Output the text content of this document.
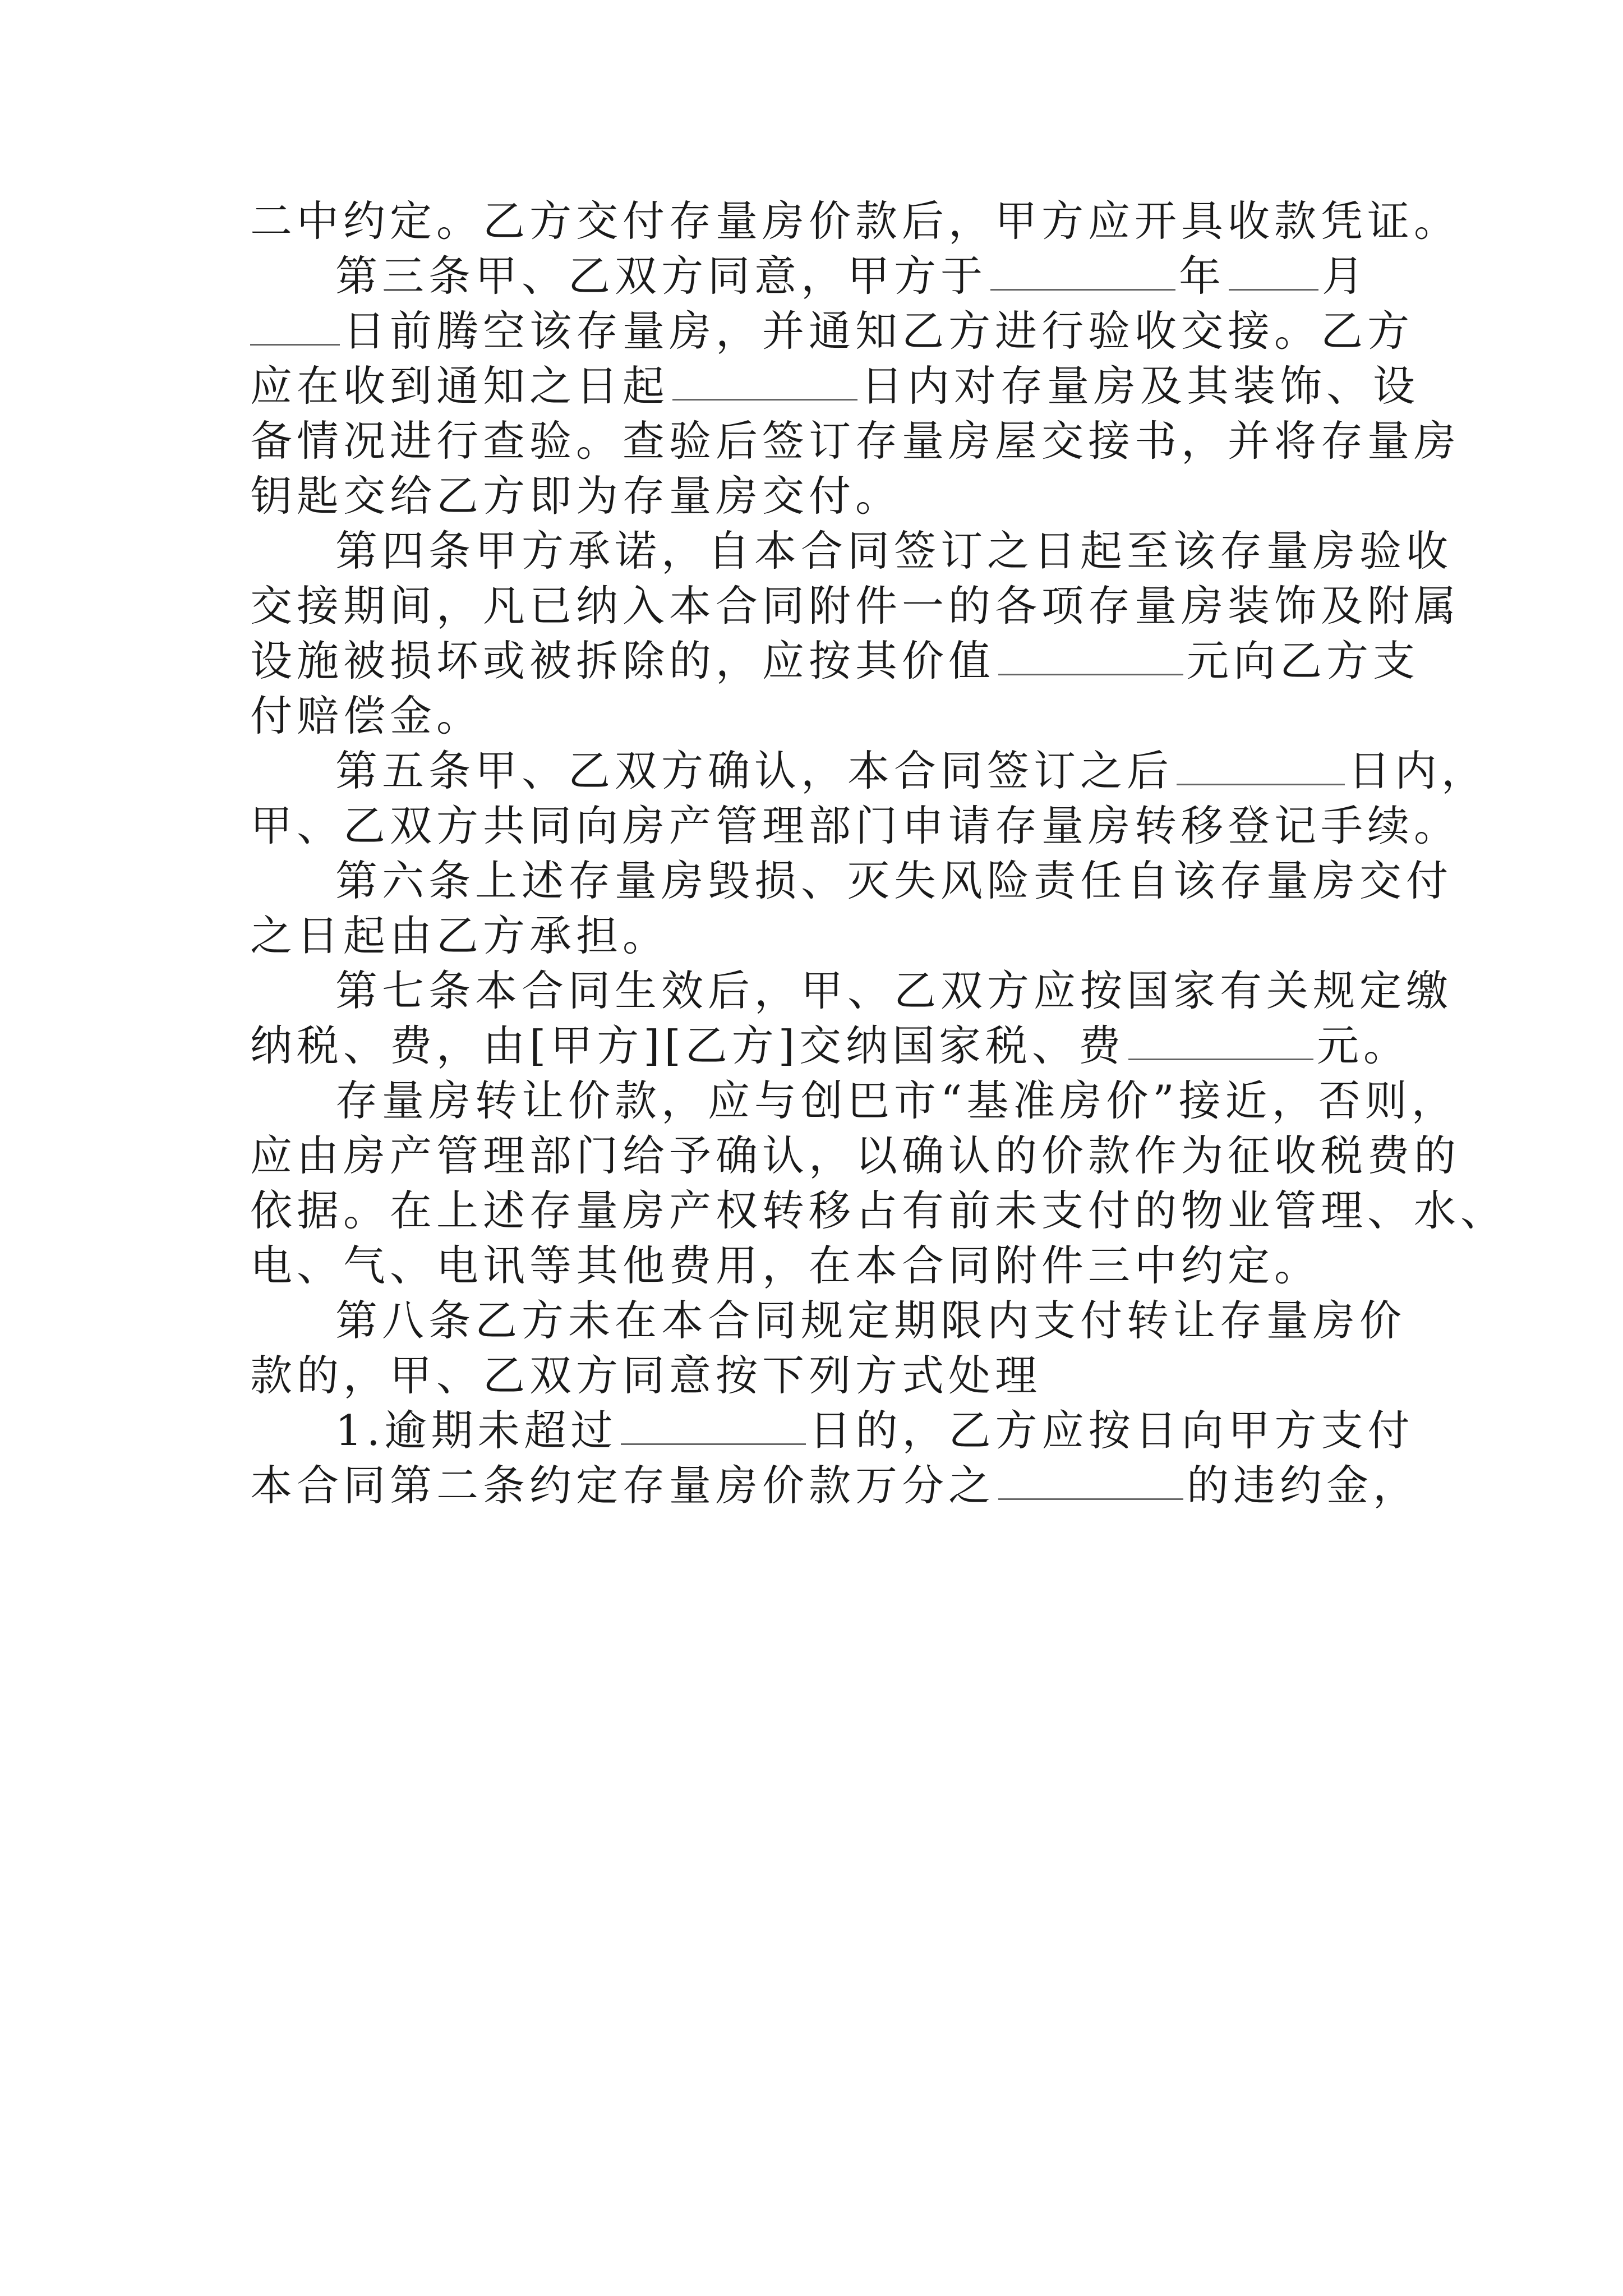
二中约定。乙方交付存量房价款后，甲方应开具收款凭证。
第三条甲、乙双方同意，甲方于	年 月
日前腾空该存量房，并通知乙方进行验收交接。乙方
应在收到通知之日起	日内对存量房及其装饰、设
备情况进行查验。查验后签订存量房屋交接书，并将存量房
钥匙交给乙方即为存量房交付。
第四条甲方承诺，自本合同签订之日起至该存量房验收
交接期间，凡已纳入本合同附件一的各项存量房装饰及附属
设施被损坏或被拆除的，应按其价值	元向乙方支
付赔偿金。
第五条甲、乙双方确认，本合同签订之后	日内，
甲、乙双方共同向房产管理部门申请存量房转移登记手续。
第六条上述存量房毁损、灭失风险责任自该存量房交付
之日起由乙方承担。
第七条本合同生效后，甲、乙双方应按国家有关规定缴
纳税、费，由[甲方][乙方]交纳国家税、费	元。
存量房转让价款，应与创巴市“基准房价”接近，否则，
应由房产管理部门给予确认，以确认的价款作为征收税费的
依据。在上述存量房产权转移占有前未支付的物业管理、水、
电、气、电讯等其他费用，在本合同附件三中约定。
第八条乙方未在本合同规定期限内支付转让存量房价
款的，甲、乙双方同意按下列方式处理
1.逾期未超过	日的，乙方应按日向甲方支付
本合同第二条约定存量房价款万分之	的违约金，
